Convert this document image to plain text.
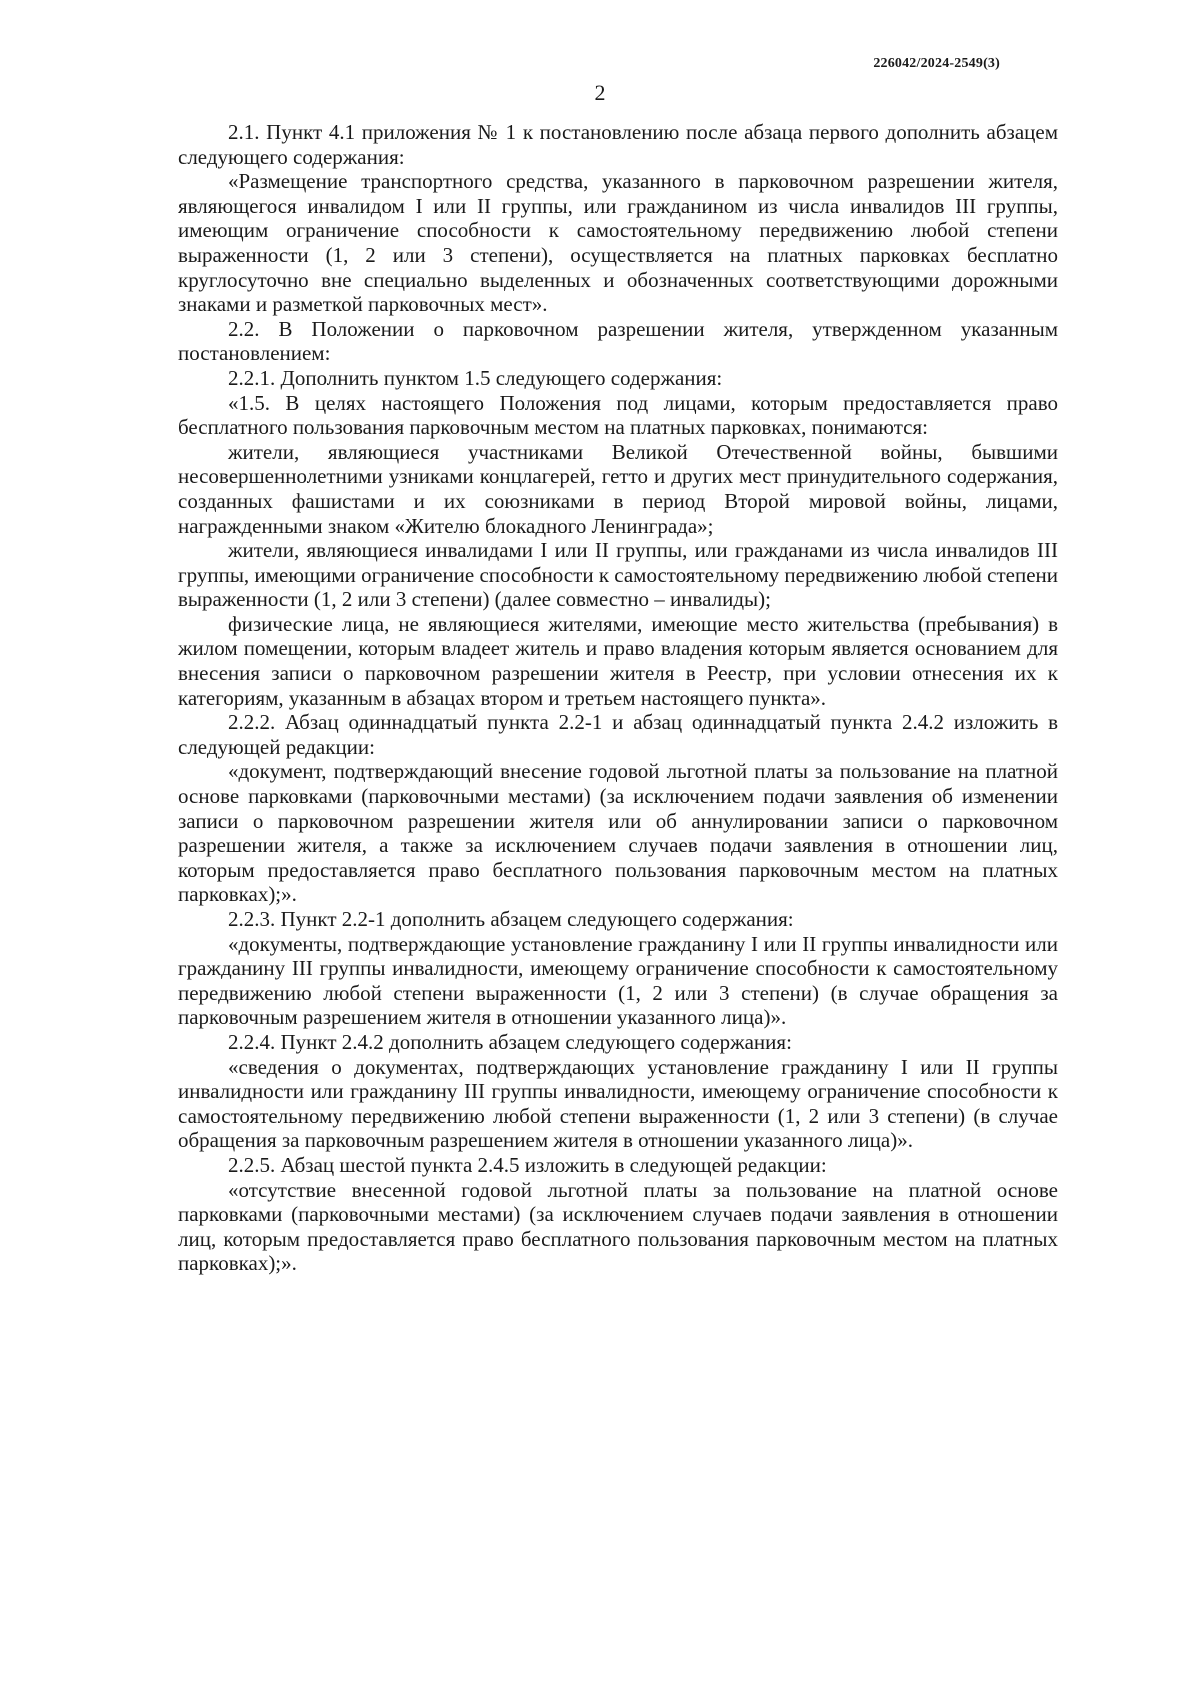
226042/2024-2549(3)
2

2.1. Пункт 4.1 приложения № 1 к постановлению после абзаца первого дополнить абзацем следующего содержания:

«Размещение транспортного средства, указанного в парковочном разрешении жителя, являющегося инвалидом I или II группы, или гражданином из числа инвалидов III группы, имеющим ограничение способности к самостоятельному передвижению любой степени выраженности (1, 2 или 3 степени), осуществляется на платных парковках бесплатно круглосуточно вне специально выделенных и обозначенных соответствующими дорожными знаками и разметкой парковочных мест».

2.2. В Положении о парковочном разрешении жителя, утвержденном указанным постановлением:

2.2.1. Дополнить пунктом 1.5 следующего содержания:

«1.5. В целях настоящего Положения под лицами, которым предоставляется право бесплатного пользования парковочным местом на платных парковках, понимаются:

жители, являющиеся участниками Великой Отечественной войны, бывшими несовершеннолетними узниками концлагерей, гетто и других мест принудительного содержания, созданных фашистами и их союзниками в период Второй мировой войны, лицами, награжденными знаком «Жителю блокадного Ленинграда»;

жители, являющиеся инвалидами I или II группы, или гражданами из числа инвалидов III группы, имеющими ограничение способности к самостоятельному передвижению любой степени выраженности (1, 2 или 3 степени) (далее совместно – инвалиды);

физические лица, не являющиеся жителями, имеющие место жительства (пребывания) в жилом помещении, которым владеет житель и право владения которым является основанием для внесения записи о парковочном разрешении жителя в Реестр, при условии отнесения их к категориям, указанным в абзацах втором и третьем настоящего пункта».

2.2.2. Абзац одиннадцатый пункта 2.2-1 и абзац одиннадцатый пункта 2.4.2 изложить в следующей редакции:

«документ, подтверждающий внесение годовой льготной платы за пользование на платной основе парковками (парковочными местами) (за исключением подачи заявления об изменении записи о парковочном разрешении жителя или об аннулировании записи о парковочном разрешении жителя, а также за исключением случаев подачи заявления в отношении лиц, которым предоставляется право бесплатного пользования парковочным местом на платных парковках);».

2.2.3. Пункт 2.2-1 дополнить абзацем следующего содержания:

«документы, подтверждающие установление гражданину I или II группы инвалидности или гражданину III группы инвалидности, имеющему ограничение способности к самостоятельному передвижению любой степени выраженности (1, 2 или 3 степени) (в случае обращения за парковочным разрешением жителя в отношении указанного лица)».

2.2.4. Пункт 2.4.2 дополнить абзацем следующего содержания:

«сведения о документах, подтверждающих установление гражданину I или II группы инвалидности или гражданину III группы инвалидности, имеющему ограничение способности к самостоятельному передвижению любой степени выраженности (1, 2 или 3 степени) (в случае обращения за парковочным разрешением жителя в отношении указанного лица)».

2.2.5. Абзац шестой пункта 2.4.5 изложить в следующей редакции:

«отсутствие внесенной годовой льготной платы за пользование на платной основе парковками (парковочными местами) (за исключением случаев подачи заявления в отношении лиц, которым предоставляется право бесплатного пользования парковочным местом на платных парковках);».
